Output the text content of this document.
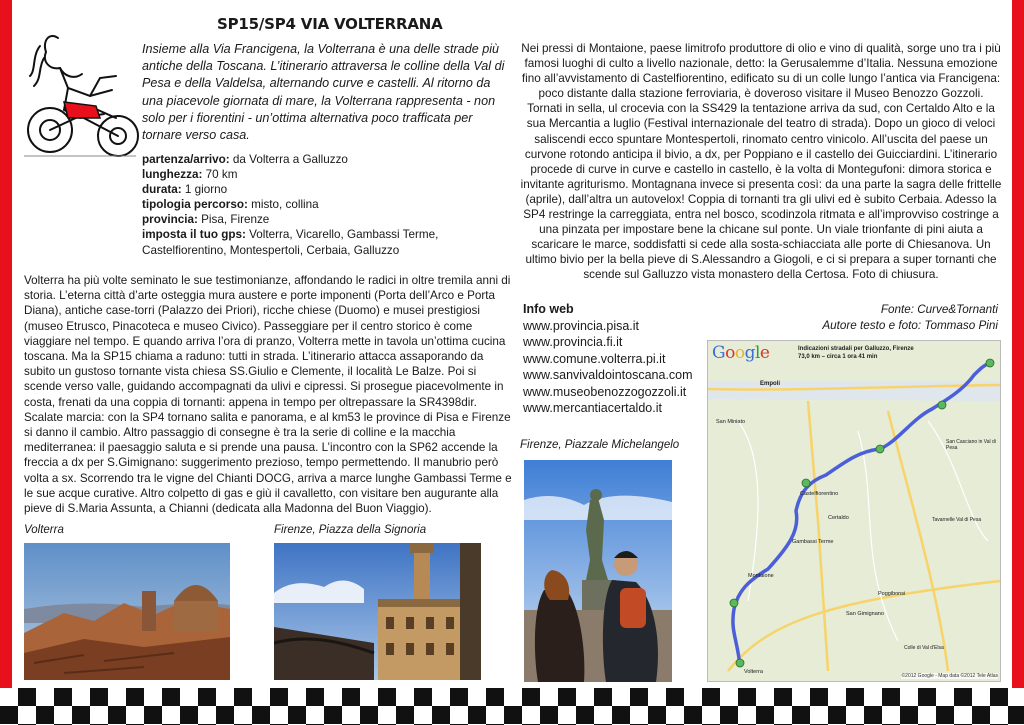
SP15/SP4 VIA VOLTERRANA
Insieme alla Via Francigena, la Volterrana è una delle strade più antiche della Toscana. L’itinerario attraversa le colline della Val di Pesa e della Valdelsa, alternando curve e castelli. Al ritorno da una piacevole giornata di mare, la Volterrana rappresenta - non solo per i fiorentini - un’ottima alternativa poco trafficata per tornare verso casa.
partenza/arrivo: da Volterra a Galluzzo
lunghezza: 70 km
durata: 1 giorno
tipologia percorso: misto, collina
provincia: Pisa, Firenze
imposta il tuo gps: Volterra, Vicarello, Gambassi Terme, Castelfiorentino, Montespertoli, Cerbaia, Galluzzo
Volterra ha più volte seminato le sue testimonianze, affondando le radici in oltre tremila anni di storia. L’eterna città d’arte osteggia mura austere e porte imponenti (Porta dell’Arco e Porta Diana), antiche case-torri (Palazzo dei Priori), ricche chiese (Duomo) e musei prestigiosi (museo Etrusco, Pinacoteca e museo Civico). Passeggiare per il centro storico è come viaggiare nel tempo. E quando arriva l’ora di pranzo, Volterra mette in tavola un’ottima cucina toscana. Ma la SP15 chiama a raduno: tutti in strada. L’itinerario attacca assaporando da subito un gustoso tornante vista chiesa SS.Giulio e Clemente, il località Le Balze. Poi si scende verso valle, guidando accompagnati da ulivi e cipressi. Si prosegue piacevolmente in costa, frenati da una coppia di tornanti: appena in tempo per oltrepassare la SR4398dir. Scalate marcia: con la SP4 tornano salita e panorama, e al km53 le province di Pisa e Firenze si danno il cambio. Altro passaggio di consegne è tra la serie di colline e la macchia mediterranea: il paesaggio saluta e si prende una pausa. L’incontro con la SP62 accende la freccia a dx per S.Gimignano: suggerimento prezioso, tempo permettendo. Il manubrio però volta a sx. Scorrendo tra le vigne del Chianti DOCG, arriva a marce lunghe Gambassi Terme e le sue acque curative. Altro colpetto di gas e giù il cavalletto, con visitare ben augurante alla pieve di S.Maria Assunta, a Chianni (dedicata alla Madonna del Buon Viaggio).
Nei pressi di Montaione, paese limitrofo produttore di olio e vino di qualità, sorge uno tra i più famosi luoghi di culto a livello nazionale, detto: la Gerusalemme d’Italia. Nessuna emozione fino all’avvistamento di Castelfiorentino, edificato su di un colle lungo l’antica via Francigena: poco distante dalla stazione ferroviaria, è doveroso visitare il Museo Benozzo Gozzoli. Tornati in sella, ul crocevia con la SS429 la tentazione arriva da sud, con Certaldo Alto e la sua Mercantia a luglio (Festival internazionale del teatro di strada). Dopo un gioco di veloci saliscendi ecco spuntare Montespertoli, rinomato centro vinicolo. All’uscita del paese un curvone rotondo anticipa il bivio, a dx, per Poppiano e il castello dei Guicciardini. L’itinerario procede di curve in curve e castello in castello, è la volta di Montegufoni: dimora storica e invitante agriturismo. Montagnana invece si presenta così: da una parte la sagra delle frittelle (aprile), dall’altra un autovelox! Coppia di tornanti tra gli ulivi ed è subito Cerbaia. Adesso la SP4 restringe la carreggiata, entra nel bosco, scodinzola ritmata e all’improvviso costringe a una pinzata per impostare bene la chicane sul ponte. Un viale trionfante di pini aiuta a scaricare le marce, soddisfatti si cede alla sosta-schiacciata alle porte di Chiesanova. Un ultimo bivio per la bella pieve di S.Alessandro a Giogoli, e ci si prepara a super tornanti che scende sul Galluzzo vista monastero della Certosa. Foto di chiusura.
Info web
www.provincia.pisa.it
www.provincia.fi.it
www.comune.volterra.pi.it
www.sanvivaldointoscana.com
www.museobenozzogozzoli.it
www.mercantiacertaldo.it
Fonte: Curve&Tornanti
Autore testo e foto: Tommaso Pini
Firenze, Piazzale Michelangelo
Volterra	Firenze, Piazza della Signoria
Google	Indicazioni stradali per Galluzzo, Firenze
73,0 km – circa 1 ora 41 min
Empoli
San Miniato
Castelfiorentino
Certaldo
Gambassi Terme
Montaione
San Gimignano
Colle di Val d'Elsa
Volterra
Tavarnelle Val di Pesa
San Casciano in Val di Pesa
Poggibonsi
©2012 Google - Map data ©2012 Tele Atlas
